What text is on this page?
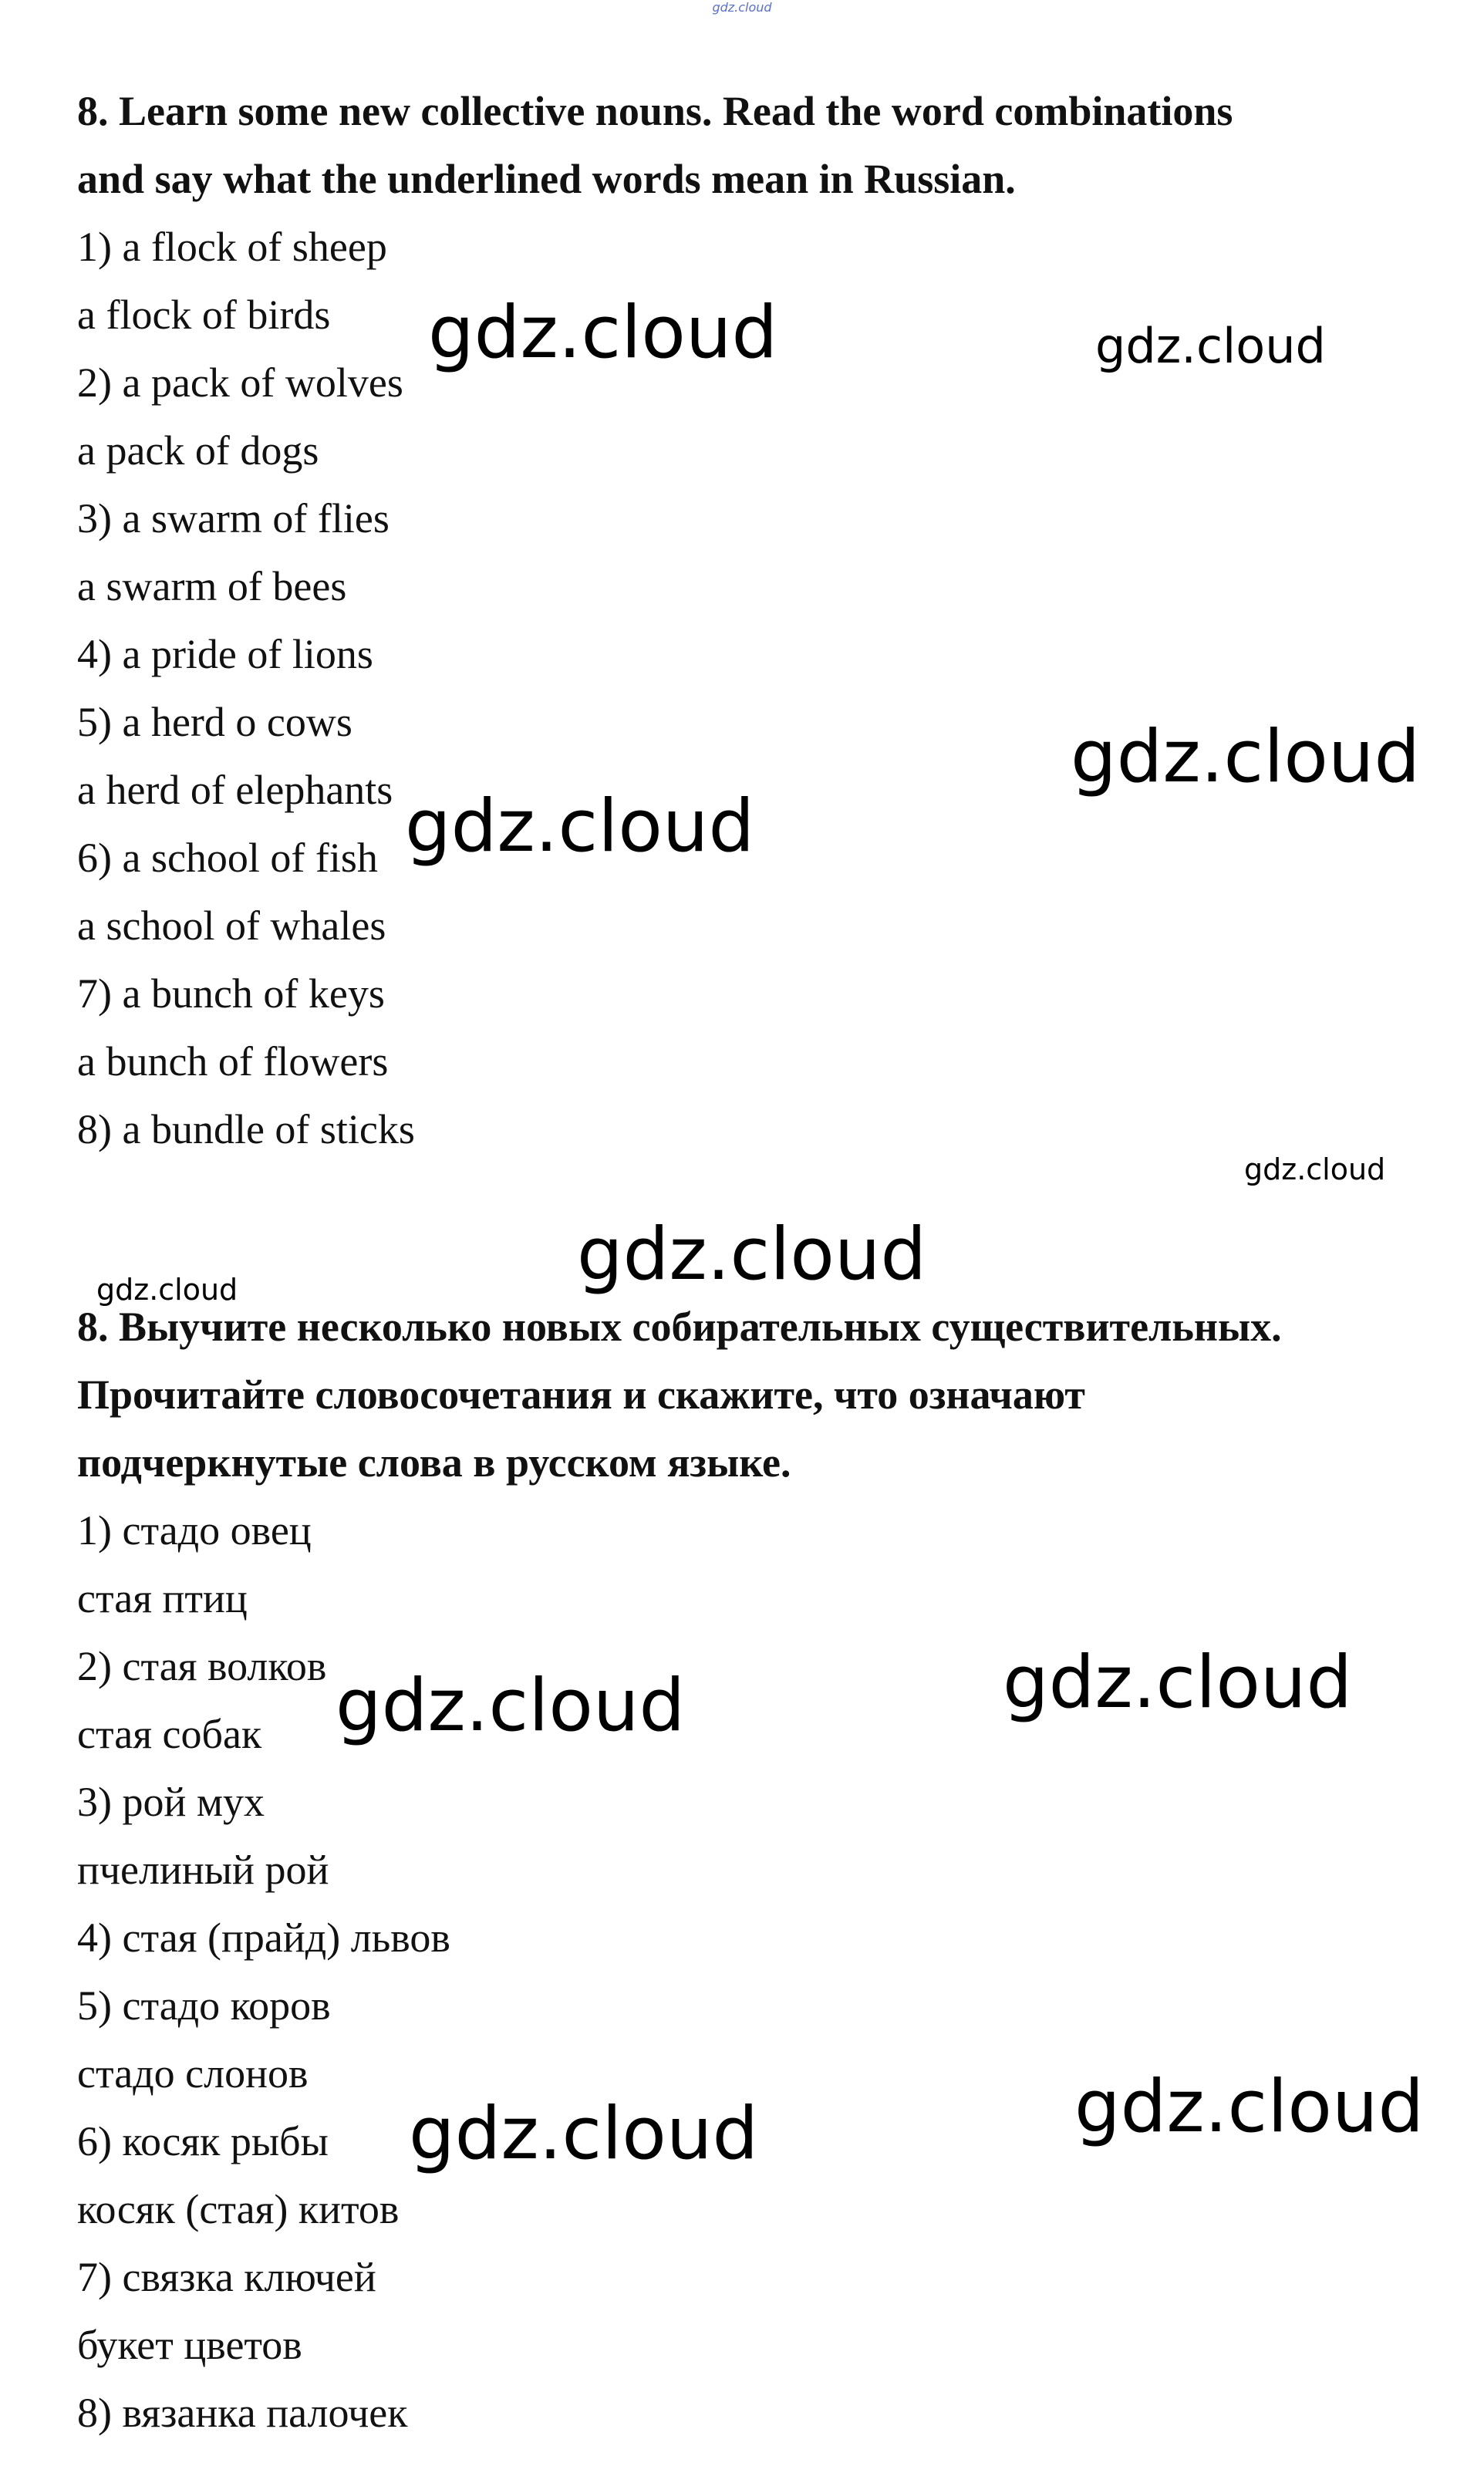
gdz.cloud

8. Learn some new collective nouns. Read the word combinations

and say what the underlined words mean in Russian.

1) a flock of sheep

a flock of birds

2) a pack of wolves

a pack of dogs

3) a swarm of flies

a swarm of bees

4) a pride of lions

5) a herd o cows

a herd of elephants

6) a school of fish

a school of whales

7) a bunch of keys

a bunch of flowers

8) a bundle of sticks

8. Выучите несколько новых собирательных существительных.

Прочитайте словосочетания и скажите, что означают

подчеркнутые слова в русском языке.

1) стадо овец

стая птиц

2) стая волков

стая собак

3) рой мух

пчелиный рой

4) стая (прайд) львов

5) стадо коров

стадо слонов

6) косяк рыбы

косяк (стая) китов

7) связка ключей

букет цветов

8) вязанка палочек

gdz.cloud	gdz.cloud
gdz.cloud
gdz.cloud
gdz.cloud
gdz.cloud
gdz.cloud
gdz.cloud
gdz.cloud
gdz.cloud
gdz.cloud
